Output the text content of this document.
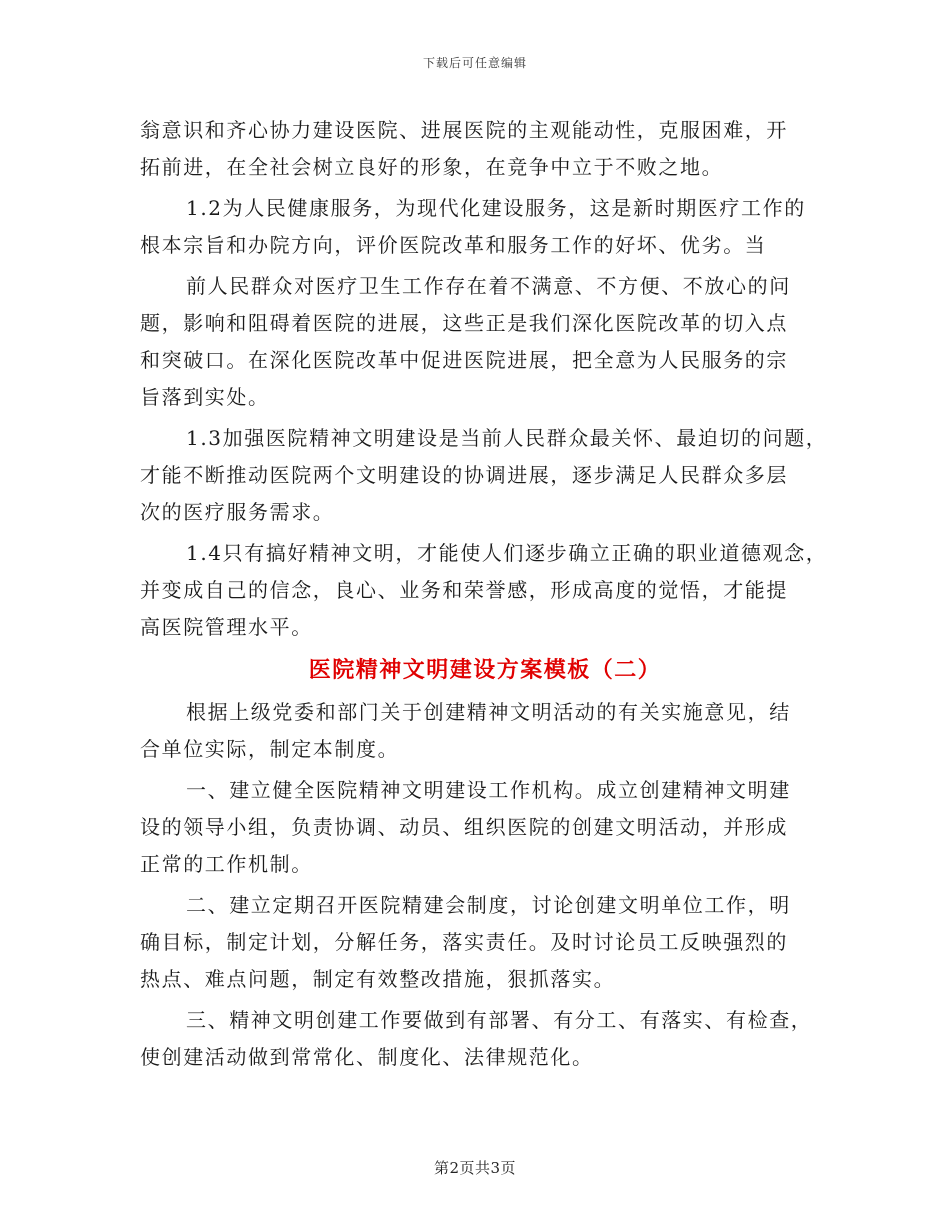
下载后可任意编辑
翁意识和齐心协力建设医院、进展医院的主观能动性，克服困难，开
拓前进，在全社会树立良好的形象，在竞争中立于不败之地。
1.2为人民健康服务，为现代化建设服务，这是新时期医疗工作的
根本宗旨和办院方向，评价医院改革和服务工作的好坏、优劣。当
前人民群众对医疗卫生工作存在着不满意、不方便、不放心的问
题，影响和阻碍着医院的进展，这些正是我们深化医院改革的切入点
和突破口。在深化医院改革中促进医院进展，把全意为人民服务的宗
旨落到实处。
1.3加强医院精神文明建设是当前人民群众最关怀、最迫切的问题，
才能不断推动医院两个文明建设的协调进展，逐步满足人民群众多层
次的医疗服务需求。
1.4只有搞好精神文明，才能使人们逐步确立正确的职业道德观念，
并变成自己的信念，良心、业务和荣誉感，形成高度的觉悟，才能提
高医院管理水平。
医院精神文明建设方案模板（二）
根据上级党委和部门关于创建精神文明活动的有关实施意见，结
合单位实际，制定本制度。
一、建立健全医院精神文明建设工作机构。成立创建精神文明建
设的领导小组，负责协调、动员、组织医院的创建文明活动，并形成
正常的工作机制。
二、建立定期召开医院精建会制度，讨论创建文明单位工作，明
确目标，制定计划，分解任务，落实责任。及时讨论员工反映强烈的
热点、难点问题，制定有效整改措施，狠抓落实。
三、精神文明创建工作要做到有部署、有分工、有落实、有检查，
使创建活动做到常常化、制度化、法律规范化。
第2页共3页
